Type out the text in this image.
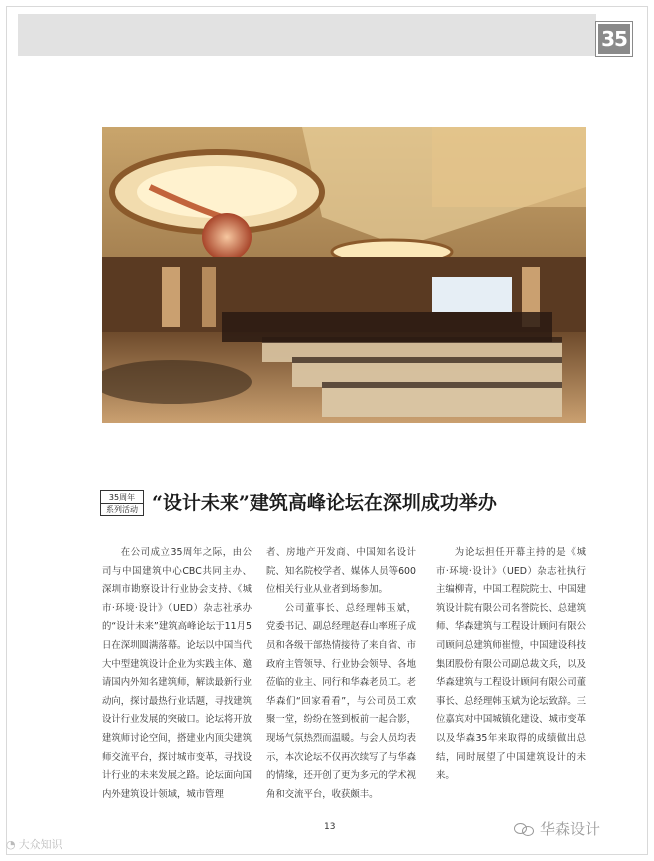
35
35周年
系列活动 “设计未来”建筑高峰论坛在深圳成功举办

在公司成立35周年之际，由公司与中国建筑中心CBC共同主办、深圳市勘察设计行业协会支持、《城市·环境·设计》（UED）杂志社承办的“设计未来”建筑高峰论坛于11月5日在深圳圆满落幕。论坛以中国当代大中型建筑设计企业为实践主体、邀请国内外知名建筑师，解读最新行业动向，探讨最热行业话题，寻找建筑设计行业发展的突破口。论坛将开放建筑师讨论空间，搭建业内顶尖建筑师交流平台，探讨城市变革，寻找设计行业的未来发展之路。论坛面向国内外建筑设计领域，城市管理

者、房地产开发商、中国知名设计院、知名院校学者、媒体人员等600位相关行业从业者到场参加。

公司董事长、总经理韩玉斌，党委书记、副总经理赵春山率班子成员和各级干部热情接待了来自省、市政府主管领导、行业协会领导、各地莅临的业主、同行和华森老员工。老华森们“回家看看”，与公司员工欢聚一堂，纷纷在签到板前一起合影，现场气氛热烈而温暖。与会人员均表示，本次论坛不仅再次续写了与华森的情缘，还开创了更为多元的学术视角和交流平台，收获颇丰。

为论坛担任开幕主持的是《城市·环境·设计》（UED）杂志社执行主编柳青，中国工程院院士、中国建筑设计院有限公司名誉院长、总建筑师、华森建筑与工程设计顾问有限公司顾问总建筑师崔愷，中国建设科技集团股份有限公司副总裁文兵，以及华森建筑与工程设计顾问有限公司董事长、总经理韩玉斌为论坛致辞。三位嘉宾对中国城镇化建设、城市变革以及华森35年来取得的成绩做出总结，同时展望了中国建筑设计的未来。

13
◔ 大众知识
华森设计
